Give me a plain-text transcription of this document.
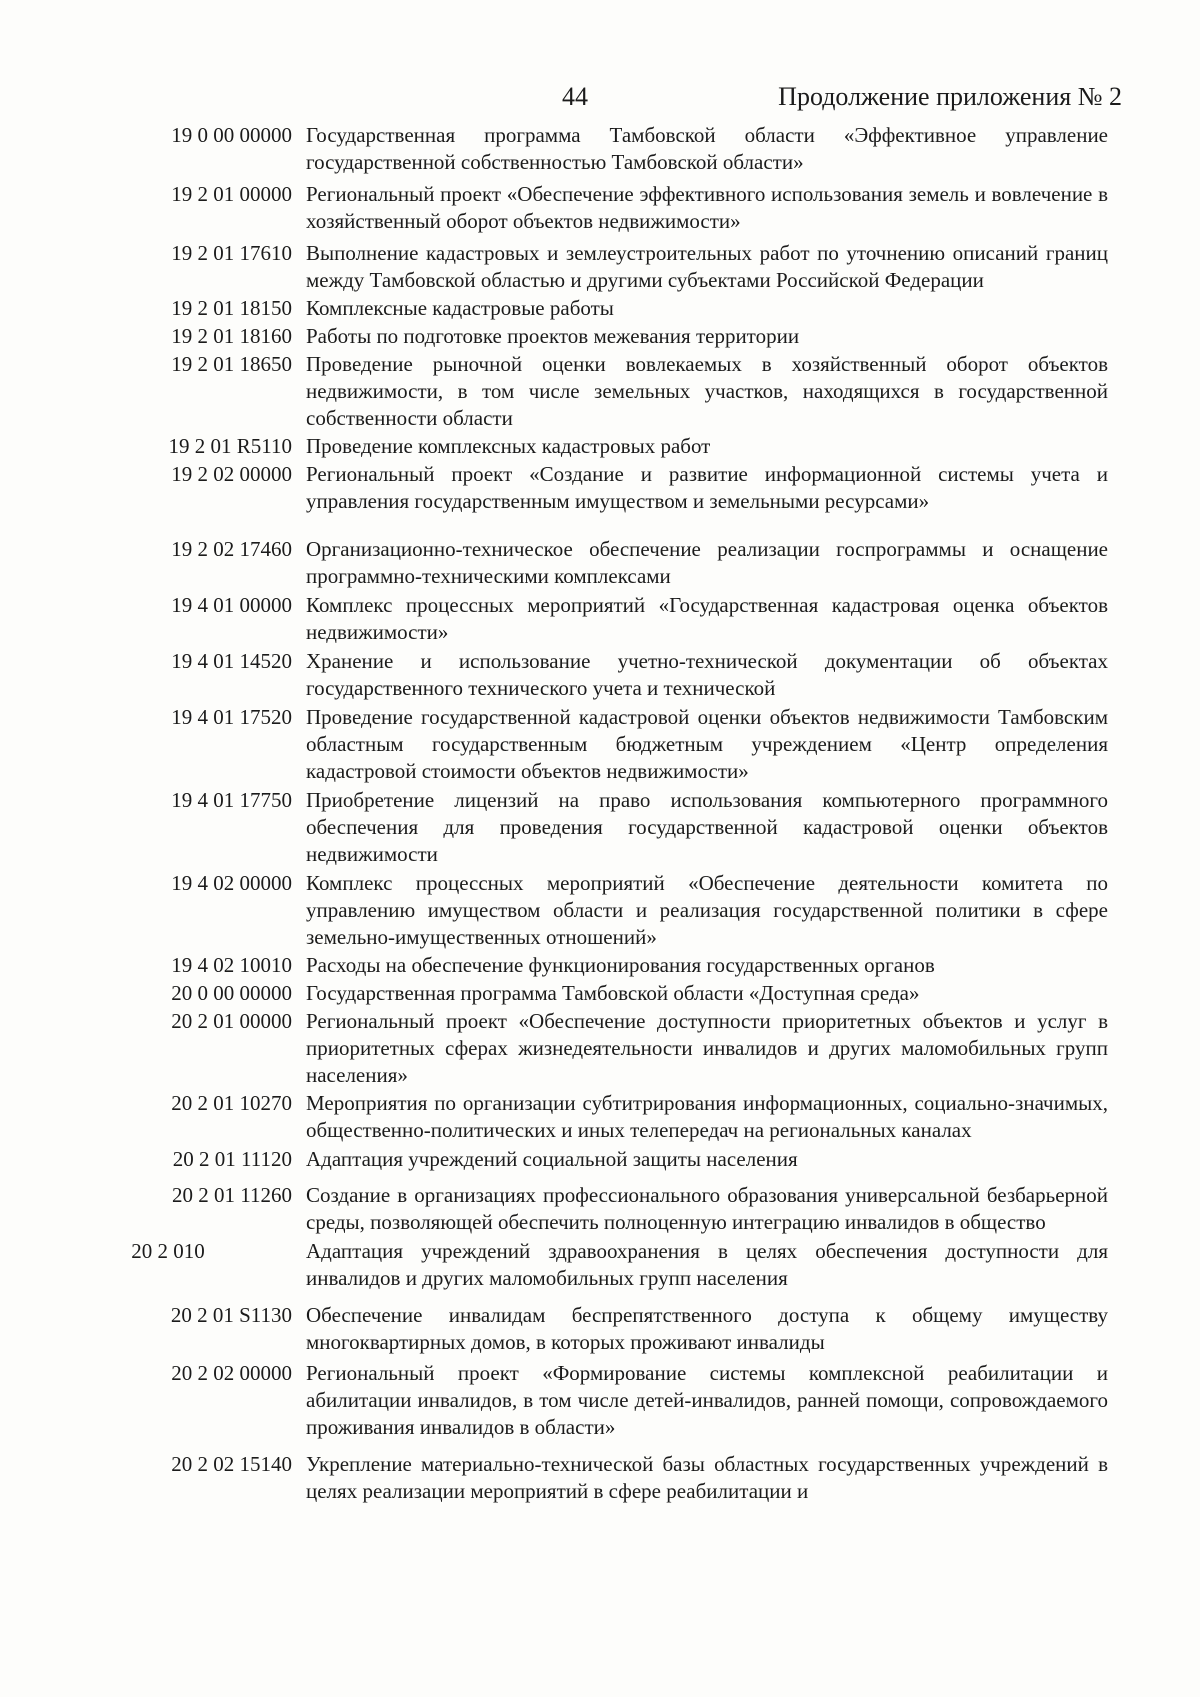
44	Продолжение приложения № 2
19 0 00 00000 Государственная программа Тамбовской области «Эффективное управление государственной собственностью Тамбовской области»
19 2 01 00000 Региональный проект «Обеспечение эффективного использования земель и вовлечение в хозяйственный оборот объектов недвижимости»
19 2 01 17610 Выполнение кадастровых и землеустроительных работ по уточнению описаний границ между Тамбовской областью и другими субъектами Российской Федерации
19 2 01 18150 Комплексные кадастровые работы
19 2 01 18160 Работы по подготовке проектов межевания территории
19 2 01 18650 Проведение рыночной оценки вовлекаемых в хозяйственный оборот объектов недвижимости, в том числе земельных участков, находящихся в государственной собственности области
19 2 01 R5110 Проведение комплексных кадастровых работ
19 2 02 00000 Региональный проект «Создание и развитие информационной системы учета и управления государственным имуществом и земельными ресурсами»
19 2 02 17460 Организационно-техническое обеспечение реализации госпрограммы и оснащение программно-техническими комплексами
19 4 01 00000 Комплекс процессных мероприятий «Государственная кадастровая оценка объектов недвижимости»
19 4 01 14520 Хранение и использование учетно-технической документации об объектах государственного технического учета и технической
19 4 01 17520 Проведение государственной кадастровой оценки объектов недвижимости Тамбовским областным государственным бюджетным учреждением «Центр определения кадастровой стоимости объектов недвижимости»
19 4 01 17750 Приобретение лицензий на право использования компьютерного программного обеспечения для проведения государственной кадастровой оценки объектов недвижимости
19 4 02 00000 Комплекс процессных мероприятий «Обеспечение деятельности комитета по управлению имуществом области и реализация государственной политики в сфере земельно-имущественных отношений»
19 4 02 10010 Расходы на обеспечение функционирования государственных органов
20 0 00 00000 Государственная программа Тамбовской области «Доступная среда»
20 2 01 00000 Региональный проект «Обеспечение доступности приоритетных объектов и услуг в приоритетных сферах жизнедеятельности инвалидов и других маломобильных групп населения»
20 2 01 10270 Мероприятия по организации субтитрирования информационных, социально-значимых, общественно-политических и иных телепередач на региональных каналах
20 2 01 11120 Адаптация учреждений социальной защиты населения
20 2 01 11260 Создание в организациях профессионального образования универсальной безбарьерной среды, позволяющей обеспечить полноценную интеграцию инвалидов в общество
20 2 010	Адаптация учреждений здравоохранения в целях обеспечения доступности для инвалидов и других маломобильных групп населения
20 2 01 S1130 Обеспечение инвалидам беспрепятственного доступа к общему имуществу многоквартирных домов, в которых проживают инвалиды
20 2 02 00000 Региональный проект «Формирование системы комплексной реабилитации и абилитации инвалидов, в том числе детей-инвалидов, ранней помощи, сопровождаемого проживания инвалидов в области»
20 2 02 15140 Укрепление материально-технической базы областных государственных учреждений в целях реализации мероприятий в сфере реабилитации и
